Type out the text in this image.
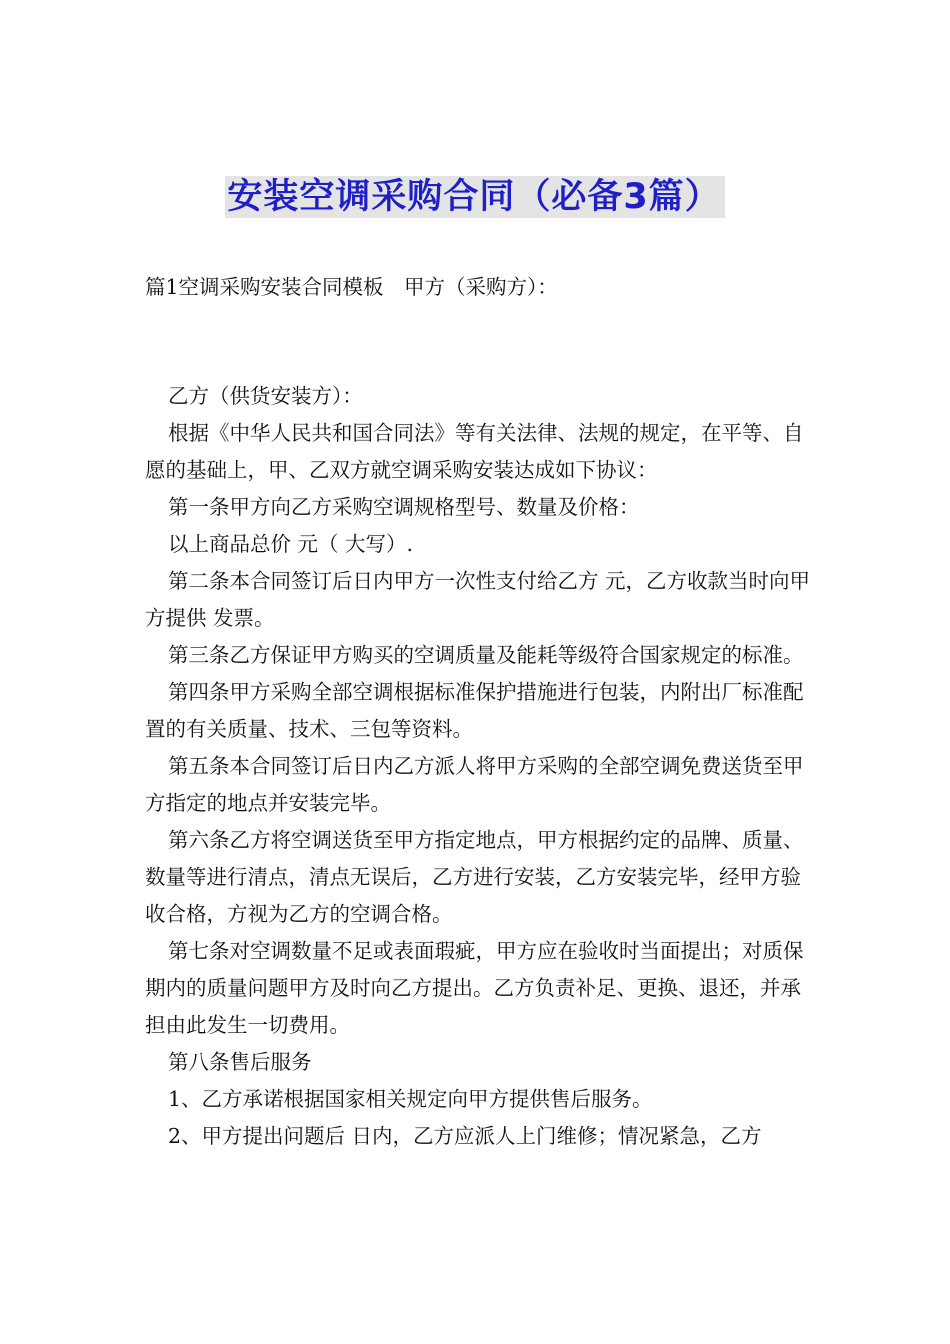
安装空调采购合同（必备3篇）

篇1空调采购安装合同模板　甲方（采购方）：

乙方（供货安装方）：

根据《中华人民共和国合同法》等有关法律、法规的规定，在平等、自愿的基础上，甲、乙双方就空调采购安装达成如下协议：

第一条甲方向乙方采购空调规格型号、数量及价格：

以上商品总价 元（ 大写）.

第二条本合同签订后日内甲方一次性支付给乙方 元，乙方收款当时向甲方提供 发票。

第三条乙方保证甲方购买的空调质量及能耗等级符合国家规定的标准。

第四条甲方采购全部空调根据标准保护措施进行包装，内附出厂标准配置的有关质量、技术、三包等资料。

第五条本合同签订后日内乙方派人将甲方采购的全部空调免费送货至甲方指定的地点并安装完毕。

第六条乙方将空调送货至甲方指定地点，甲方根据约定的品牌、质量、数量等进行清点，清点无误后，乙方进行安装，乙方安装完毕，经甲方验收合格，方视为乙方的空调合格。

第七条对空调数量不足或表面瑕疵，甲方应在验收时当面提出；对质保期内的质量问题甲方及时向乙方提出。乙方负责补足、更换、退还，并承担由此发生一切费用。

第八条售后服务

1、乙方承诺根据国家相关规定向甲方提供售后服务。

2、甲方提出问题后 日内，乙方应派人上门维修；情况紧急，乙方
